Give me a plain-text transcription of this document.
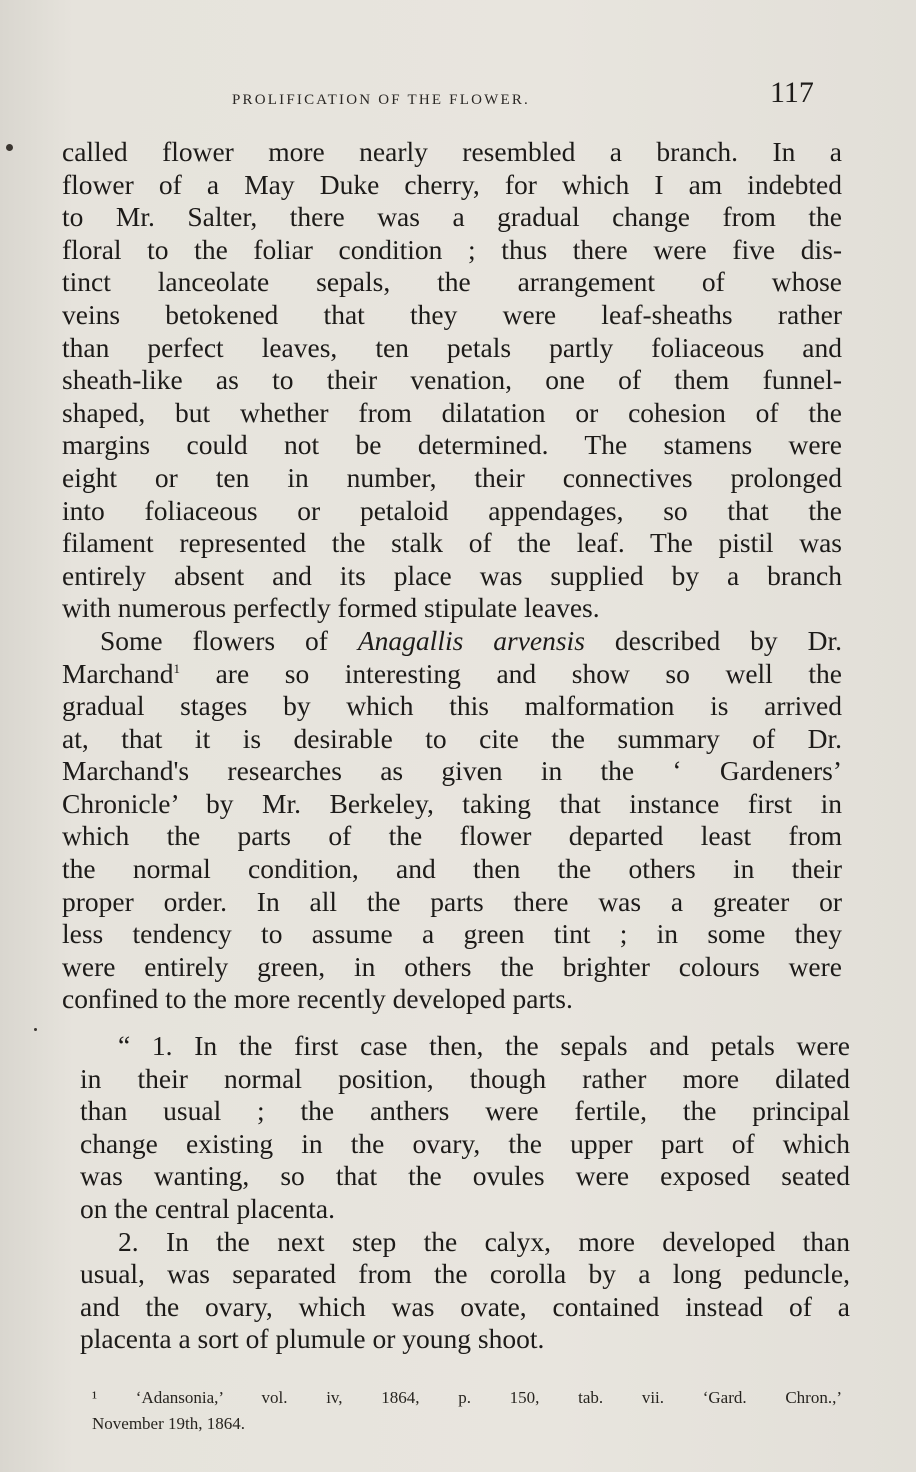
PROLIFICATION OF THE FLOWER.	117
called flower more nearly resembled a branch. In a
flower of a May Duke cherry, for which I am indebted
to Mr. Salter, there was a gradual change from the
floral to the foliar condition ; thus there were five dis-
tinct lanceolate sepals, the arrangement of whose
veins betokened that they were leaf-sheaths rather
than perfect leaves, ten petals partly foliaceous and
sheath-like as to their venation, one of them funnel-
shaped, but whether from dilatation or cohesion of the
margins could not be determined. The stamens were
eight or ten in number, their connectives prolonged
into foliaceous or petaloid appendages, so that the
filament represented the stalk of the leaf. The pistil was
entirely absent and its place was supplied by a branch
with numerous perfectly formed stipulate leaves.
Some flowers of Anagallis arvensis described by Dr.
Marchand$^1$ are so interesting and show so well the
gradual stages by which this malformation is arrived
at, that it is desirable to cite the summary of Dr.
Marchand's researches as given in the ‘ Gardeners’
Chronicle’ by Mr. Berkeley, taking that instance first in
which the parts of the flower departed least from
the normal condition, and then the others in their
proper order. In all the parts there was a greater or
less tendency to assume a green tint ; in some they
were entirely green, in others the brighter colours were
confined to the more recently developed parts.
“ 1. In the first case then, the sepals and petals were
in their normal position, though rather more dilated
than usual ; the anthers were fertile, the principal
change existing in the ovary, the upper part of which
was wanting, so that the ovules were exposed seated
on the central placenta.
2. In the next step the calyx, more developed than
usual, was separated from the corolla by a long peduncle,
and the ovary, which was ovate, contained instead of a
placenta a sort of plumule or young shoot.
¹ ‘Adansonia,’ vol. iv, 1864, p. 150, tab. vii. ‘Gard. Chron.,’
November 19th, 1864.
